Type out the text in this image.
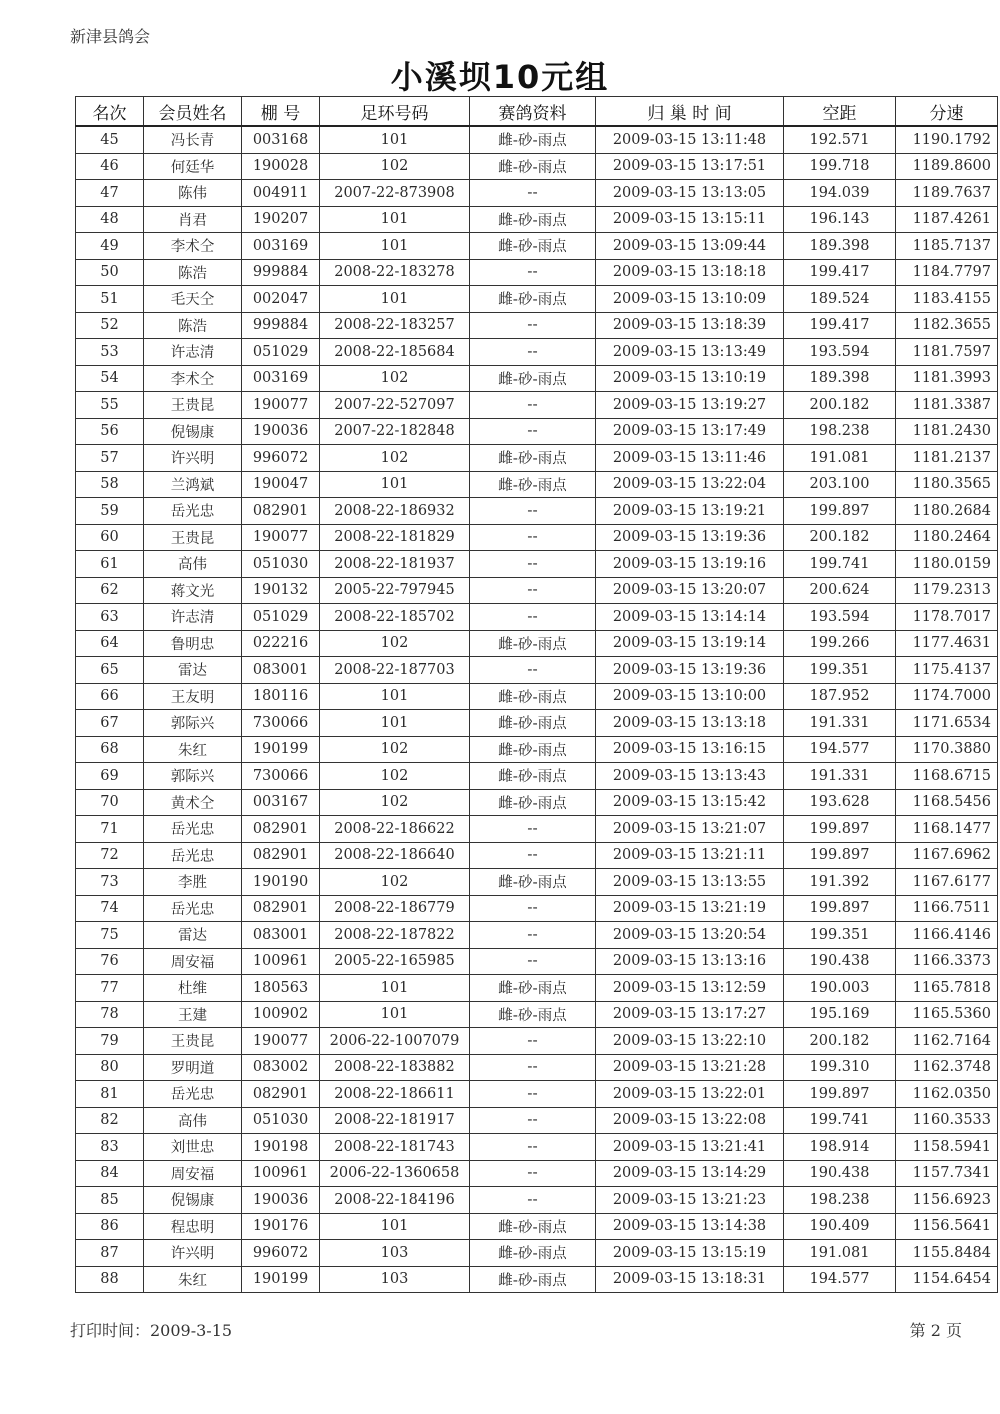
新津县鸽会
小溪坝10元组
名次	会员姓名	棚 号	足环号码	赛鸽资料	归 巢 时 间	空距	分速
45	冯长青	003168	101	雌-砂-雨点	2009-03-15 13:11:48	192.571	1190.1792
46	何廷华	190028	102	雌-砂-雨点	2009-03-15 13:17:51	199.718	1189.8600
47	陈伟	004911	2007-22-873908	--	2009-03-15 13:13:05	194.039	1189.7637
48	肖君	190207	101	雌-砂-雨点	2009-03-15 13:15:11	196.143	1187.4261
49	李术仝	003169	101	雌-砂-雨点	2009-03-15 13:09:44	189.398	1185.7137
50	陈浩	999884	2008-22-183278	--	2009-03-15 13:18:18	199.417	1184.7797
51	毛天仝	002047	101	雌-砂-雨点	2009-03-15 13:10:09	189.524	1183.4155
52	陈浩	999884	2008-22-183257	--	2009-03-15 13:18:39	199.417	1182.3655
53	许志清	051029	2008-22-185684	--	2009-03-15 13:13:49	193.594	1181.7597
54	李术仝	003169	102	雌-砂-雨点	2009-03-15 13:10:19	189.398	1181.3993
55	王贵昆	190077	2007-22-527097	--	2009-03-15 13:19:27	200.182	1181.3387
56	倪锡康	190036	2007-22-182848	--	2009-03-15 13:17:49	198.238	1181.2430
57	许兴明	996072	102	雌-砂-雨点	2009-03-15 13:11:46	191.081	1181.2137
58	兰鸿斌	190047	101	雌-砂-雨点	2009-03-15 13:22:04	203.100	1180.3565
59	岳光忠	082901	2008-22-186932	--	2009-03-15 13:19:21	199.897	1180.2684
60	王贵昆	190077	2008-22-181829	--	2009-03-15 13:19:36	200.182	1180.2464
61	高伟	051030	2008-22-181937	--	2009-03-15 13:19:16	199.741	1180.0159
62	蒋文光	190132	2005-22-797945	--	2009-03-15 13:20:07	200.624	1179.2313
63	许志清	051029	2008-22-185702	--	2009-03-15 13:14:14	193.594	1178.7017
64	鲁明忠	022216	102	雌-砂-雨点	2009-03-15 13:19:14	199.266	1177.4631
65	雷达	083001	2008-22-187703	--	2009-03-15 13:19:36	199.351	1175.4137
66	王友明	180116	101	雌-砂-雨点	2009-03-15 13:10:00	187.952	1174.7000
67	郭际兴	730066	101	雌-砂-雨点	2009-03-15 13:13:18	191.331	1171.6534
68	朱红	190199	102	雌-砂-雨点	2009-03-15 13:16:15	194.577	1170.3880
69	郭际兴	730066	102	雌-砂-雨点	2009-03-15 13:13:43	191.331	1168.6715
70	黄术仝	003167	102	雌-砂-雨点	2009-03-15 13:15:42	193.628	1168.5456
71	岳光忠	082901	2008-22-186622	--	2009-03-15 13:21:07	199.897	1168.1477
72	岳光忠	082901	2008-22-186640	--	2009-03-15 13:21:11	199.897	1167.6962
73	李胜	190190	102	雌-砂-雨点	2009-03-15 13:13:55	191.392	1167.6177
74	岳光忠	082901	2008-22-186779	--	2009-03-15 13:21:19	199.897	1166.7511
75	雷达	083001	2008-22-187822	--	2009-03-15 13:20:54	199.351	1166.4146
76	周安福	100961	2005-22-165985	--	2009-03-15 13:13:16	190.438	1166.3373
77	杜维	180563	101	雌-砂-雨点	2009-03-15 13:12:59	190.003	1165.7818
78	王建	100902	101	雌-砂-雨点	2009-03-15 13:17:27	195.169	1165.5360
79	王贵昆	190077	2006-22-1007079	--	2009-03-15 13:22:10	200.182	1162.7164
80	罗明道	083002	2008-22-183882	--	2009-03-15 13:21:28	199.310	1162.3748
81	岳光忠	082901	2008-22-186611	--	2009-03-15 13:22:01	199.897	1162.0350
82	高伟	051030	2008-22-181917	--	2009-03-15 13:22:08	199.741	1160.3533
83	刘世忠	190198	2008-22-181743	--	2009-03-15 13:21:41	198.914	1158.5941
84	周安福	100961	2006-22-1360658	--	2009-03-15 13:14:29	190.438	1157.7341
85	倪锡康	190036	2008-22-184196	--	2009-03-15 13:21:23	198.238	1156.6923
86	程忠明	190176	101	雌-砂-雨点	2009-03-15 13:14:38	190.409	1156.5641
87	许兴明	996072	103	雌-砂-雨点	2009-03-15 13:15:19	191.081	1155.8484
88	朱红	190199	103	雌-砂-雨点	2009-03-15 13:18:31	194.577	1154.6454
打印时间：2009-3-15	第 2 页
